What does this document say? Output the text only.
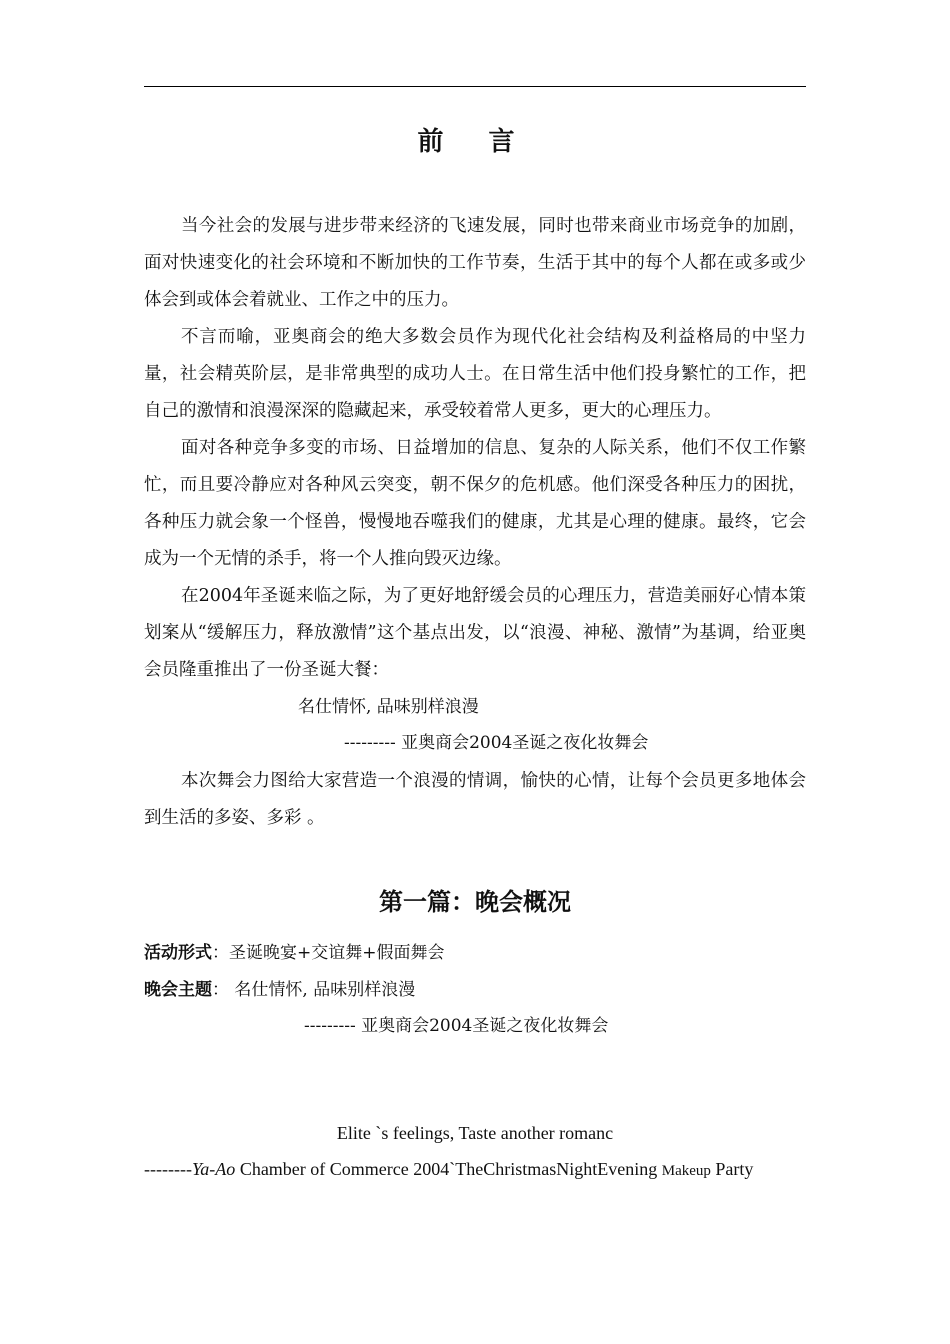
前 言

当今社会的发展与进步带来经济的飞速发展，同时也带来商业市场竞争的加剧，面对快速变化的社会环境和不断加快的工作节奏，生活于其中的每个人都在或多或少体会到或体会着就业、工作之中的压力。

不言而喻，亚奥商会的绝大多数会员作为现代化社会结构及利益格局的中坚力量，社会精英阶层，是非常典型的成功人士。在日常生活中他们投身繁忙的工作，把自己的激情和浪漫深深的隐藏起来，承受较着常人更多，更大的心理压力。

面对各种竞争多变的市场、日益增加的信息、复杂的人际关系，他们不仅工作繁忙，而且要冷静应对各种风云突变，朝不保夕的危机感。他们深受各种压力的困扰，各种压力就会象一个怪兽，慢慢地吞噬我们的健康，尤其是心理的健康。最终，它会成为一个无情的杀手，将一个人推向毁灭边缘。

在2004年圣诞来临之际，为了更好地舒缓会员的心理压力，营造美丽好心情本策划案从“缓解压力，释放激情”这个基点出发，以“浪漫、神秘、激情”为基调，给亚奥会员隆重推出了一份圣诞大餐：

名仕情怀, 品味别样浪漫
--------- 亚奥商会2004圣诞之夜化妆舞会

本次舞会力图给大家营造一个浪漫的情调，愉快的心情，让每个会员更多地体会到生活的多姿、多彩 。

第一篇：晚会概况
活动形式：圣诞晚宴+交谊舞+假面舞会
晚会主题： 名仕情怀, 品味别样浪漫
--------- 亚奥商会2004圣诞之夜化妆舞会
Elite `s feelings, Taste another romanc
--------Ya-Ao Chamber of Commerce 2004`TheChristmasNightEvening Makeup Party
